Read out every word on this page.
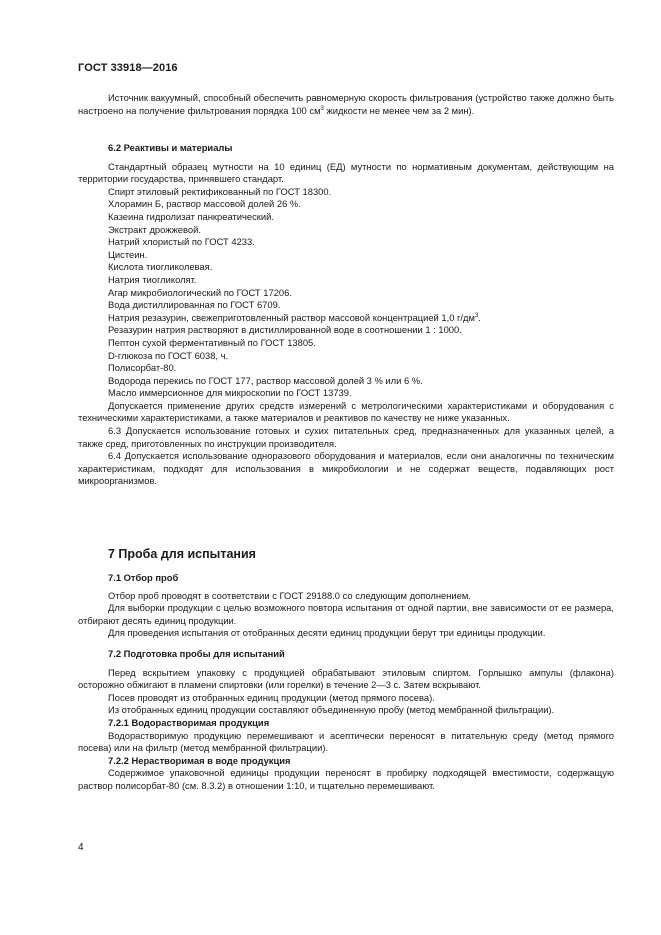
ГОСТ 33918—2016

Источник вакуумный, способный обеспечить равномерную скорость фильтрования (устройство также должно быть настроено на получение фильтрования порядка 100 $см^3$ жидкости не менее чем за 2 мин).

6.2 Реактивы и материалы

Стандартный образец мутности на 10 единиц (ЕД) мутности по нормативным документам, действующим на территории государства, принявшего стандарт.

Спирт этиловый ректификованный по ГОСТ 18300.

Хлорамин Б, раствор массовой долей 26 %.

Казеина гидролизат панкреатический.

Экстракт дрожжевой.

Натрий хлористый по ГОСТ 4233.

Цистеин.

Кислота тиогликолевая.

Натрия тиогликолят.

Агар микробиологический по ГОСТ 17206.

Вода дистиллированная по ГОСТ 6709.

Натрия резазурин, свежеприготовленный раствор массовой концентрацией 1,0 $г/дм^3$.

Резазурин натрия растворяют в дистиллированной воде в соотношении 1 : 1000.

Пептон сухой ферментативный по ГОСТ 13805.

D-глюкоза по ГОСТ 6038, ч.

Полисорбат-80.

Водорода перекись по ГОСТ 177, раствор массовой долей 3 % или 6 %.

Масло иммерсионное для микроскопии по ГОСТ 13739.

Допускается применение других средств измерений с метрологическими характеристиками и оборудования с техническими характеристиками, а также материалов и реактивов по качеству не ниже указанных.

6.3 Допускается использование готовых и сухих питательных сред, предназначенных для указанных целей, а также сред, приготовленных по инструкции производителя.

6.4 Допускается использование одноразового оборудования и материалов, если они аналогичны по техническим характеристикам, подходят для использования в микробиологии и не содержат веществ, подавляющих рост микроорганизмов.

7 Проба для испытания

7.1 Отбор проб

Отбор проб проводят в соответствии с ГОСТ 29188.0 со следующим дополнением.

Для выборки продукции с целью возможного повтора испытания от одной партии, вне зависимости от ее размера, отбирают десять единиц продукции.

Для проведения испытания от отобранных десяти единиц продукции берут три единицы продукции.

7.2 Подготовка пробы для испытаний

Перед вскрытием упаковку с продукцией обрабатывают этиловым спиртом. Горлышко ампулы (флакона) осторожно обжигают в пламени спиртовки (или горелки) в течение 2—3 с. Затем вскрывают.

Посев проводят из отобранных единиц продукции (метод прямого посева).

Из отобранных единиц продукции составляют объединенную пробу (метод мембранной фильтрации).

7.2.1 Водорастворимая продукция

Водорастворимую продукцию перемешивают и асептически переносят в питательную среду (метод прямого посева) или на фильтр (метод мембранной фильтрации).

7.2.2 Нерастворимая в воде продукция

Содержимое упаковочной единицы продукции переносят в пробирку подходящей вместимости, содержащую раствор полисорбат-80 (см. 8.3.2) в отношении 1:10, и тщательно перемешивают.

4
